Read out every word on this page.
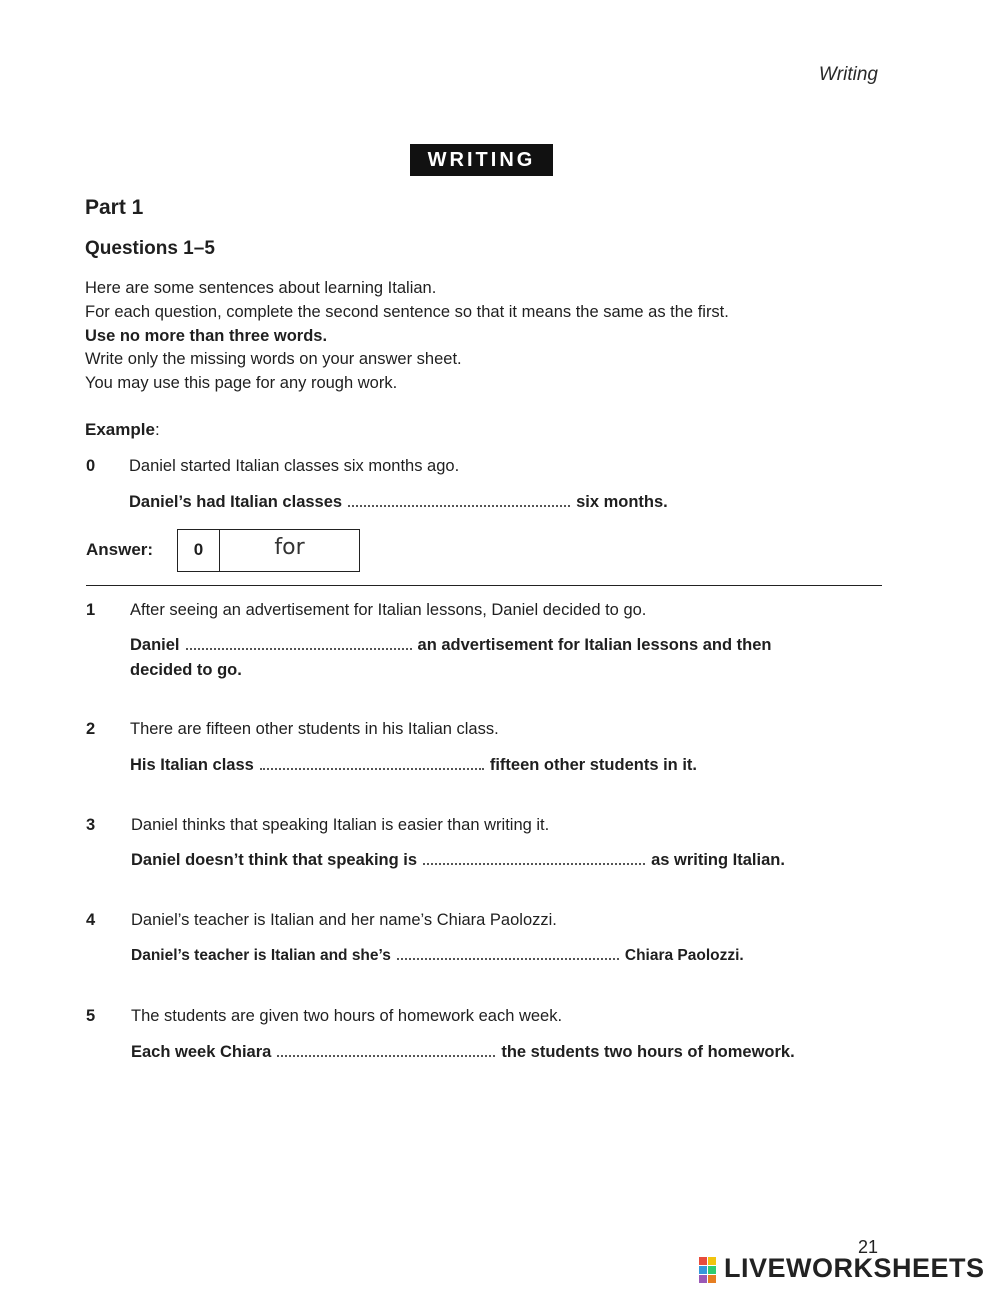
Writing
WRITING
Part 1
Questions 1–5
Here are some sentences about learning Italian.
For each question, complete the second sentence so that it means the same as the first.
Use no more than three words.
Write only the missing words on your answer sheet.
You may use this page for any rough work.
Example:
0 Daniel started Italian classes six months ago.
Daniel’s had Italian classes	six months.
Answer:	0	for
1 After seeing an advertisement for Italian lessons, Daniel decided to go.
Daniel	an advertisement for Italian lessons and then
decided to go.
2 There are fifteen other students in his Italian class.
His Italian class	fifteen other students in it.
3 Daniel thinks that speaking Italian is easier than writing it.
Daniel doesn’t think that speaking is	as writing Italian.
4 Daniel’s teacher is Italian and her name’s Chiara Paolozzi.
Daniel’s teacher is Italian and she’s	Chiara Paolozzi.
5 The students are given two hours of homework each week.
Each week Chiara	the students two hours of homework.
21
LIVEWORKSHEETS
